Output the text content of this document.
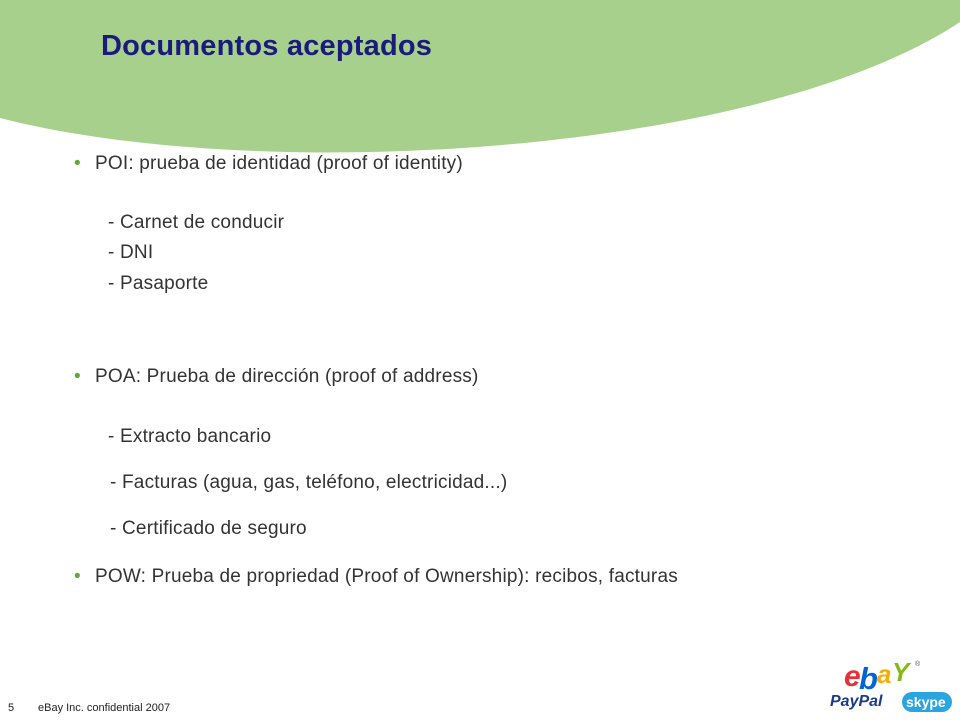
Documentos aceptados
• POI: prueba de identidad (proof of identity)
- Carnet de conducir
- DNI
- Pasaporte
• POA: Prueba de dirección (proof of address)
- Extracto bancario
- Facturas (agua, gas, teléfono, electricidad...)
- Certificado de seguro
• POW: Prueba de propriedad (Proof of Ownership): recibos, facturas
5 eBay Inc. confidential 2007
e
b a Y ®
PayPal skype
